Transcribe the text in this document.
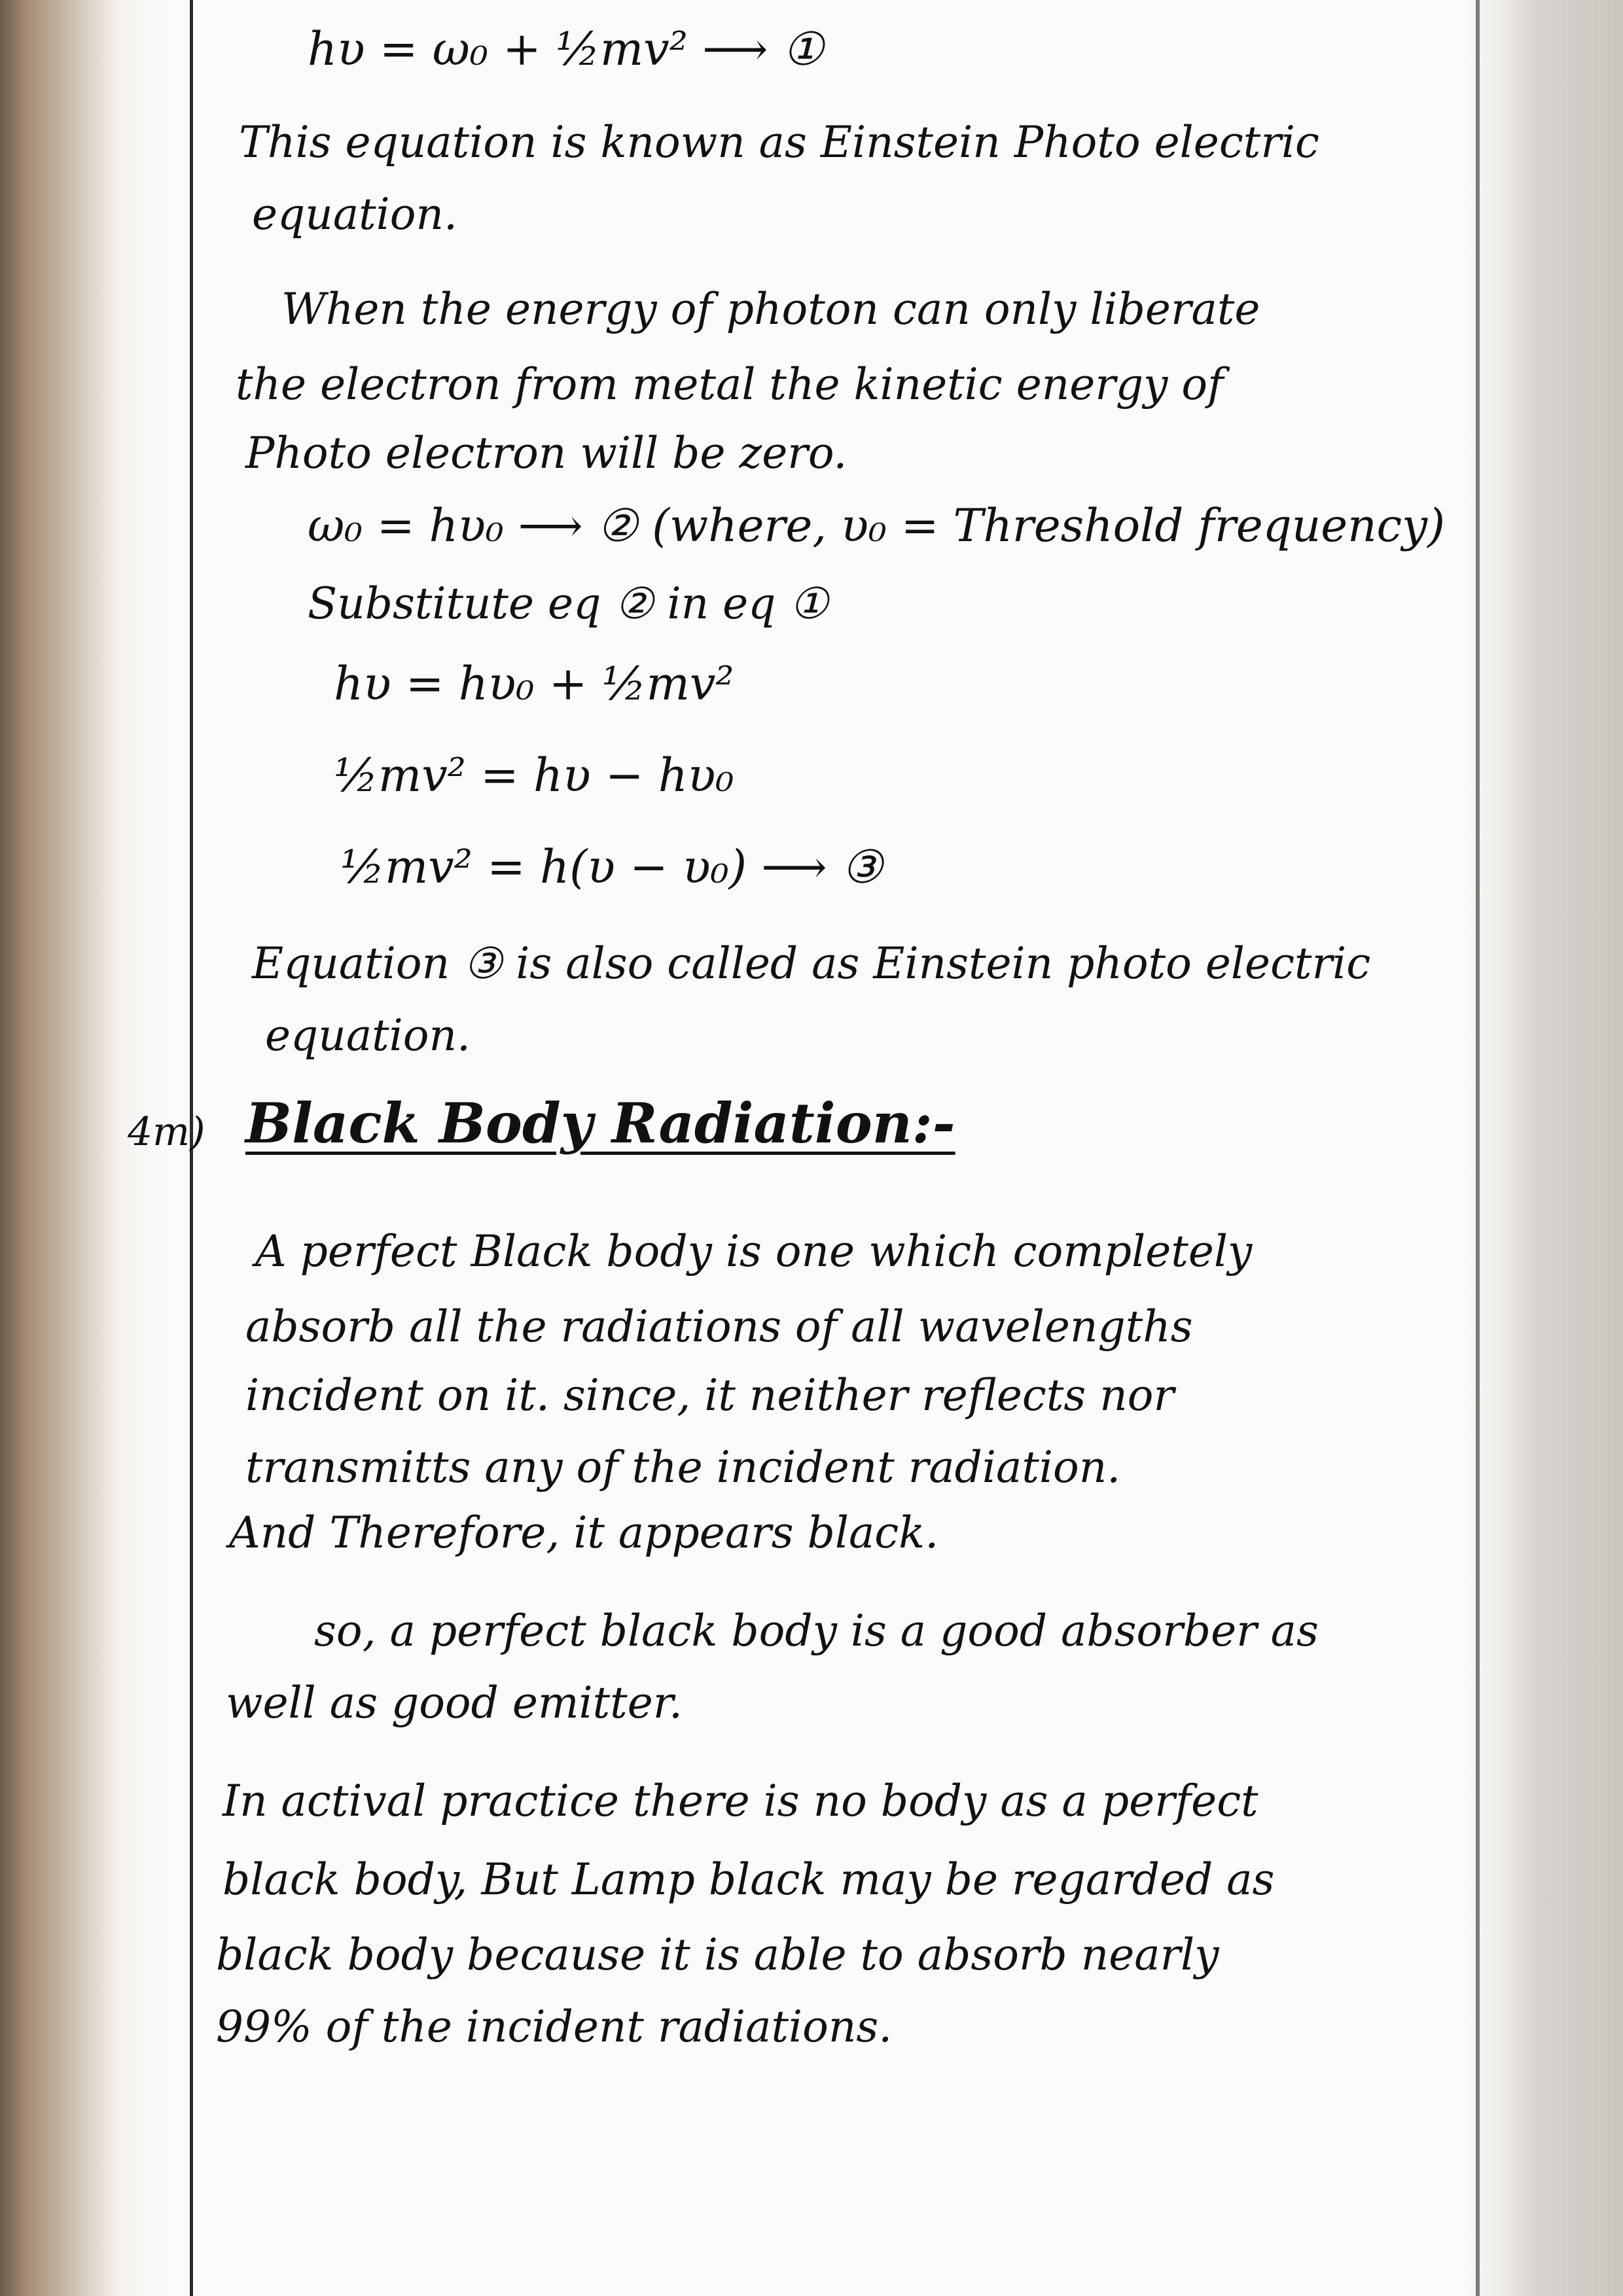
hυ = ω₀ + ½mv² ⟶ ①

This equation is known as Einstein Photo electric

equation.

When the energy of photon can only liberate

the electron from metal the kinetic energy of

Photo electron will be zero.

ω₀ = hυ₀ ⟶ ② (where, υ₀ = Threshold frequency)

Substitute eq ② in eq ①

hυ = hυ₀ + ½mv²

½mv² = hυ − hυ₀

½mv² = h(υ − υ₀) ⟶ ③

Equation ③ is also called as Einstein photo electric

equation.

4m) Black Body Radiation:-

A perfect Black body is one which completely

absorb all the radiations of all wavelengths

incident on it. since, it neither reflects nor

transmitts any of the incident radiation.

And Therefore, it appears black.

so, a perfect black body is a good absorber as

well as good emitter.

In actival practice there is no body as a perfect

black body, But Lamp black may be regarded as

black body because it is able to absorb nearly

99% of the incident radiations.
